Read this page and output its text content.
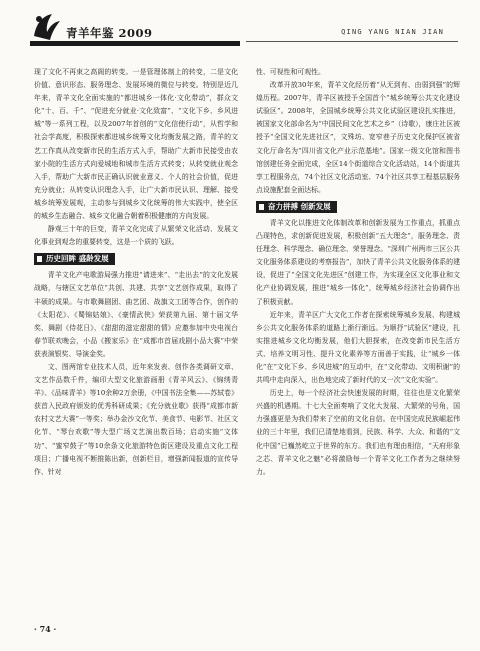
青羊年鉴 2009	QING YANG NIAN JIAN

现了文化不再束之高阁的转变。一是管理体制上的转变，二是文化价值、意识形态、服务理念、发展环境的微位与转变。特别是近几年来，青羊文化全面实施的“都进城乡一体化·文化带动”，群众文化“十、百、千”、“促进充分就业·文化致富”、“文化下乡、乡风进城”等一系列工程，以及2007年首创的“文化信使行动”，从哲学和社会学高度，积极探索都进城乡统筹文化均衡发展之路，青羊的文艺工作真从改变新市民的生活方式入手，帮助广大新市民接受由农家小院的生活方式向爱城地和城市生活方式转变；从转变就业观念入手，帮助广大新市民正确认识就业意义、个人的社会价值，促进充分就业；从转变认识理念入手，让广大新市民认识、理解、接受城乡统筹发展观，主动参与到城乡文化统筹的伟大实践中，使全区的城乡生态融合、城乡文化融合朝着积极健康的方向发展。

静观三十年的巨变，青羊文化完成了从繁荣文化活动、发展文化事业到观念的重要转变，这是一个质的飞跃。

历史回眸 盛龄发展

青羊文化产电歌游局强力推进“请进来”、“走出去”的文化发展战略，与辖区文艺单位“共创、共建、共享”文艺创作成果，取得了丰硕的成果。与市歌舞剧团、曲艺团、战旗文工团等合作，创作的《太阳花》、《蜀锦姑娘》、《豪情武侠》荣获第九届、第十届文华奖、舞剧《侍花日》、《甜甜的滋定甜甜的情》应邀参加中央电视台春节联欢晚会，小品《搬家乐》在“成都市首届戏剧小品大赛”中荣获表演银奖、导演金奖。

文、图两馆专业技术人员，近年来发表、创作各类调研文章、文艺作品数千件，编印大型文化旅游画册《青羊风云》、《锦绣青羊》、《品味青羊》等10余种2万余册，《中国书法全集——苏轼卷》获首入民政府颁发的优秀科研成果；《充分就业歌》获得“成都市新农村文艺大赛”一等奖；举办金沙文化节、美食节、电影节、社区文化节、“琴台欢歌”等大型广场文艺演出数百场；启动实施“文体功”、“蜜窄鼓子”等10余条文化旅游特色街区建设及重点文化工程项目；广播电视不断推陈出新，创新栏目，增强新闻报道的宣传导作、针对

性、可视性和可观性。

改革开放30年来，青羊文化经历着“从无到有、由弱到强”的辉煌历程。2007年，青羊区被授予全国首个“城乡统筹公共文化建设试验区”。2008年，全国城乡统筹公共文化试验区建设扎实推进，被国家文化部命名为“中国民间文化艺术之乡”（诗歌），康庄社区被授予“全国文化先进社区”，文殊坊、宽窄巷子历史文化保护区被省文化厅命名为“四川省文化产业示范基地”。国家一级文化馆和图书馆创建任务全面完成，全区14个街道综合文化活动站，14个街道共享工程服务点，74个社区文化活动室、74个社区共享工程基层服务点设施配套全面达标。

奋力拼搏 创新发展

青羊文化以推进文化体制改革和创新发展为工作重点，抓重点凸现特色，求创新促进发展，积极创新“五大理念”，服务理念、责任理念、科学理念、确位理念、荣誉理念。“深圳广州两市三区公共文化服务体系建设的考察报告”，加快了青羊公共文化服务体系的建设，促进了“全国文化先进区”创建工作，为实现全区文化事业和文化产业协调发展，推进“城乡一体化”，统筹城乡经济社会协调作出了积极贡献。

近年来，青羊区广大文化工作者在探索统筹城乡发展、构建城乡公共文化服务体系的道路上渐行渐远。为顺抒“试验区”建设，扎实推进城乡文化均衡发展，他们大胆探索，在改变新市民生活方式、培养文明习性、提升文化素养等方面善于实践，让“城乡一体化”在“文化下乡、乡风进城”的互动中，在“文化带动、文明积谢”的共鸣中走向深入，出色地完成了新时代的又一次“文化实验”。

历史上，每一个经济社会快速发展的时期，往往也是文化繁荣兴盛的机遇期。十七大全面奏响了文化大发展、大繁荣的号角，国力强盛更是为我们带来了空前的文化自信。在中国完成民族崛起伟业的三十年里，我们已清楚地看到，民族、科学、大众、和谐的“文化中国”已巍然屹立于世界的东方。我们也有理由相信，“天府形象之芯、青羊文化之魅”必将激励每一个青羊文化工作者为之继续努力。

· 74 ·
